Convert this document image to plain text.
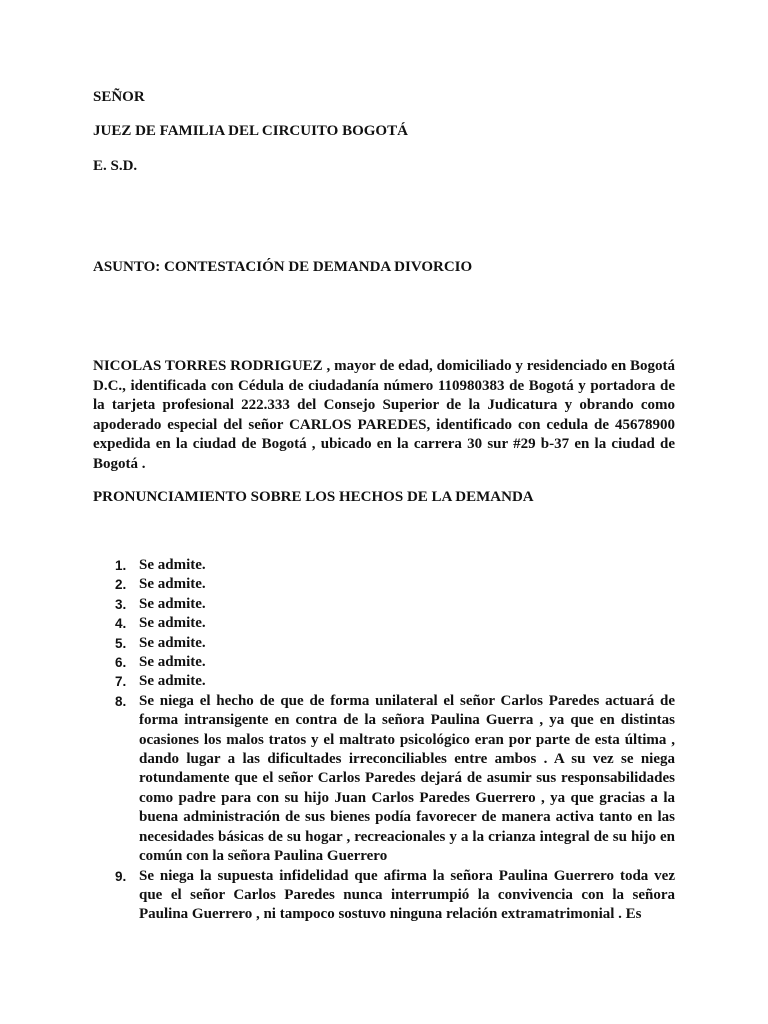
SEÑOR
JUEZ DE FAMILIA DEL CIRCUITO BOGOTÁ
E. S.D.
ASUNTO: CONTESTACIÓN DE DEMANDA DIVORCIO

NICOLAS TORRES RODRIGUEZ , mayor de edad, domiciliado y residenciado en Bogotá D.C., identificada con Cédula de ciudadanía número 110980383 de Bogotá y portadora de la tarjeta profesional 222.333 del Consejo Superior de la Judicatura y obrando como apoderado especial del señor CARLOS PAREDES, identificado con cedula de 45678900 expedida en la ciudad de Bogotá , ubicado en la carrera 30 sur #29 b-37 en la ciudad de Bogotá .

PRONUNCIAMIENTO SOBRE LOS HECHOS DE LA DEMANDA
1. Se admite.
2. Se admite.
3. Se admite.
4. Se admite.
5. Se admite.
6. Se admite.
7. Se admite.
8. Se niega el hecho de que de forma unilateral el señor Carlos Paredes actuará de forma intransigente en contra de la señora Paulina Guerra , ya que en distintas ocasiones los malos tratos y el maltrato psicológico eran por parte de esta última , dando lugar a las dificultades irreconciliables entre ambos . A su vez se niega rotundamente que el señor Carlos Paredes dejará de asumir sus responsabilidades como padre para con su hijo Juan Carlos Paredes Guerrero , ya que gracias a la buena administración de sus bienes podía favorecer de manera activa tanto en las necesidades básicas de su hogar , recreacionales y a la crianza integral de su hijo en común con la señora Paulina Guerrero
9. Se niega la supuesta infidelidad que afirma la señora Paulina Guerrero toda vez que el señor Carlos Paredes nunca interrumpió la convivencia con la señora Paulina Guerrero , ni tampoco sostuvo ninguna relación extramatrimonial . Es
